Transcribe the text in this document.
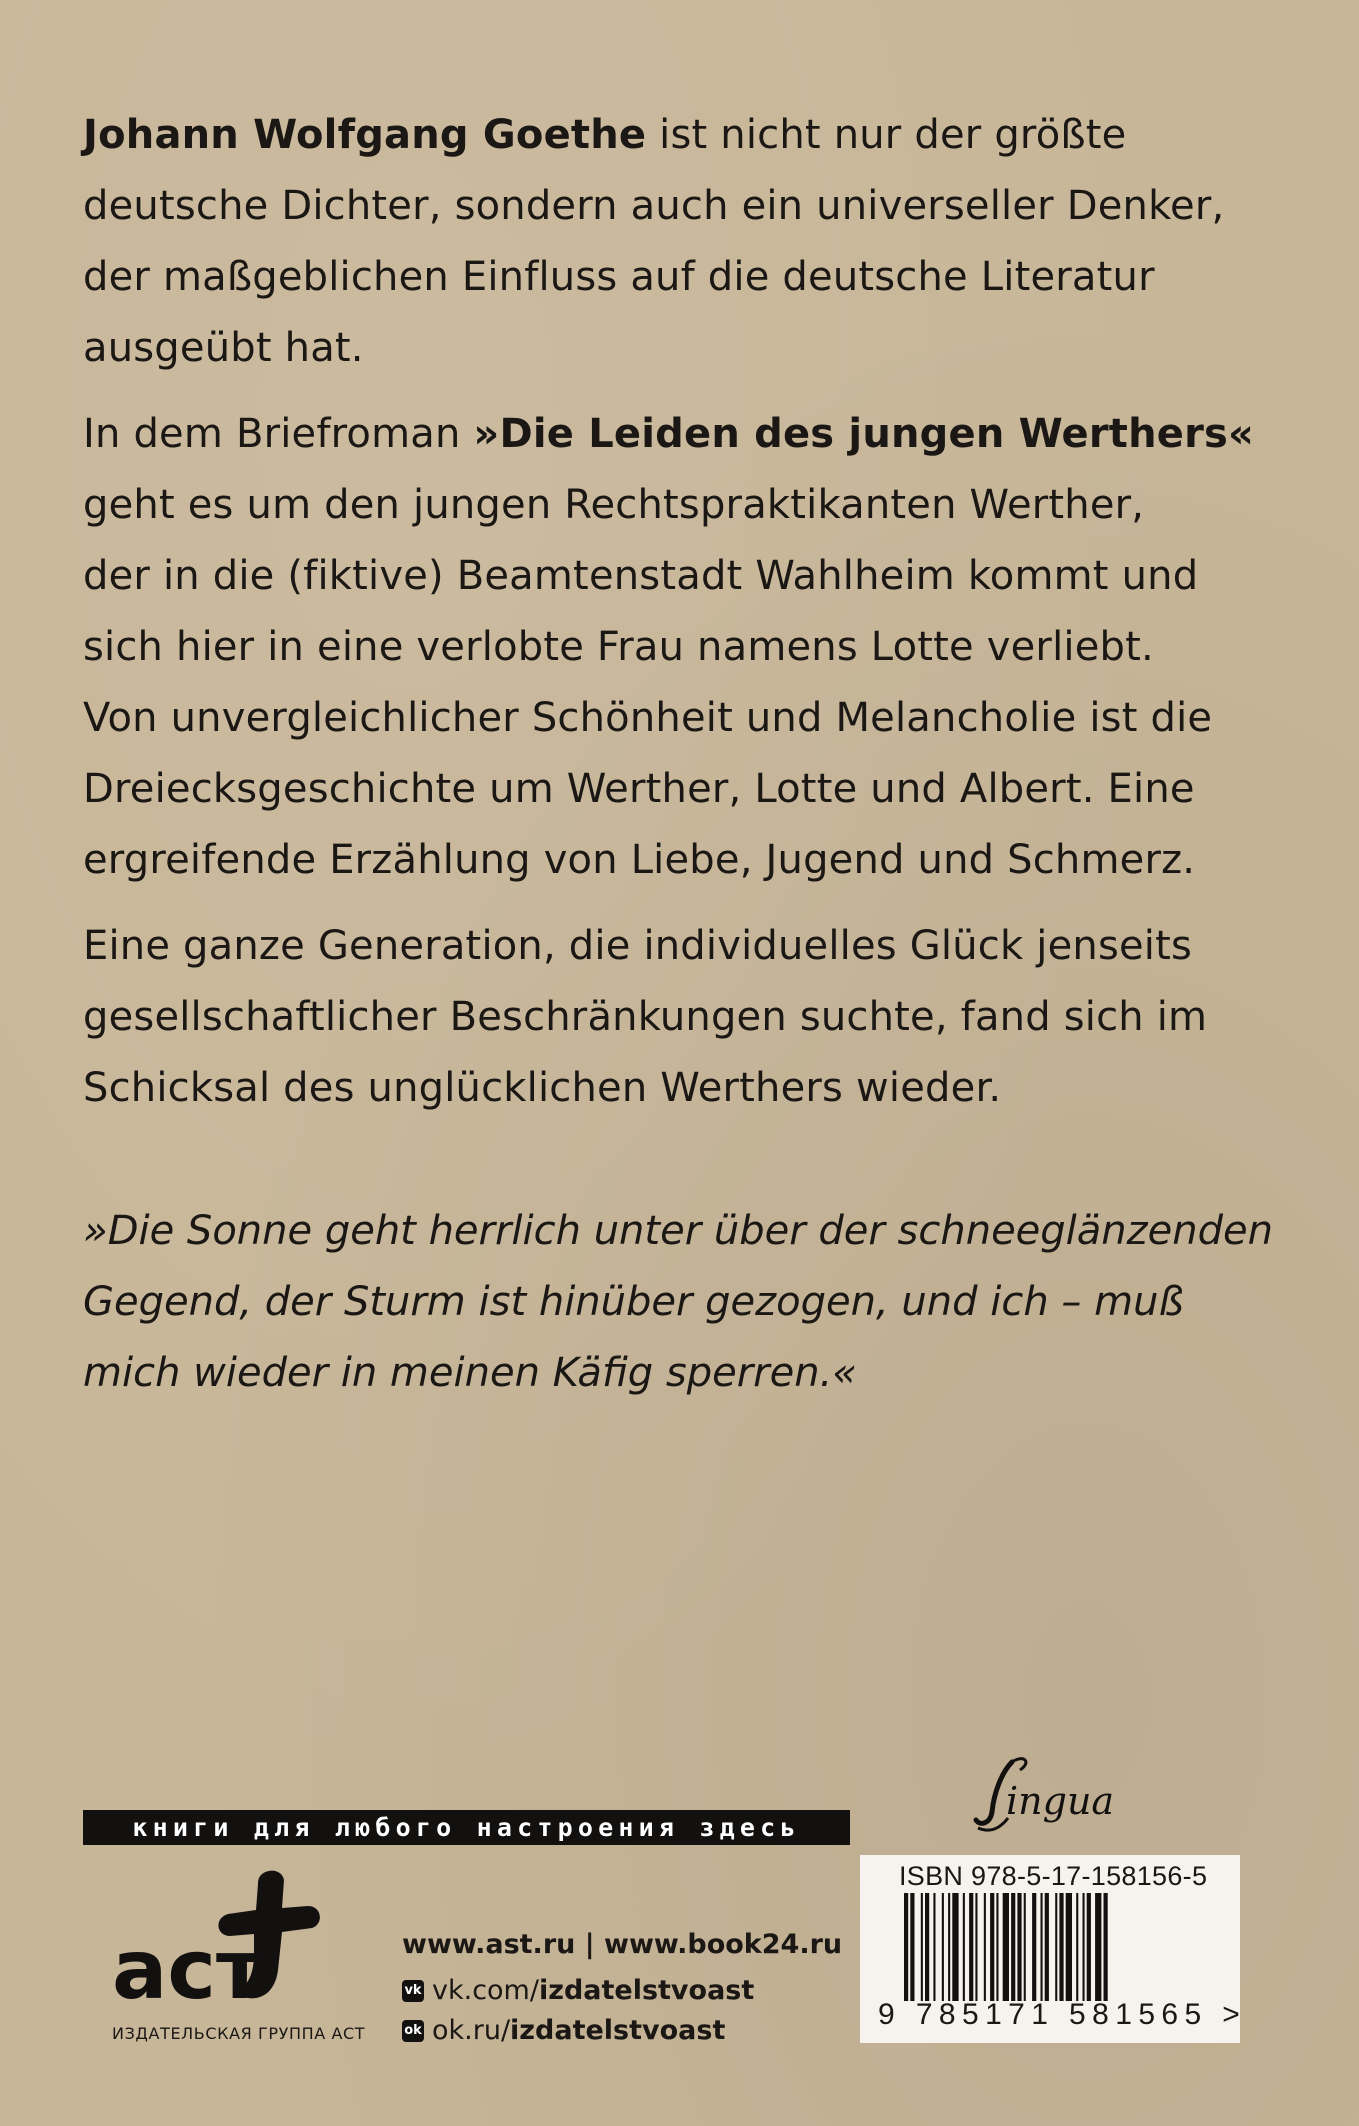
Johann Wolfgang Goethe ist nicht nur der größte
deutsche Dichter, sondern auch ein universeller Denker,
der maßgeblichen Einfluss auf die deutsche Literatur
ausgeübt hat.

In dem Briefroman »Die Leiden des jungen Werthers«
geht es um den jungen Rechtspraktikanten Werther,
der in die (fiktive) Beamtenstadt Wahlheim kommt und
sich hier in eine verlobte Frau namens Lotte verliebt.
Von unvergleichlicher Schönheit und Melancholie ist die
Dreiecksgeschichte um Werther, Lotte und Albert. Eine
ergreifende Erzählung von Liebe, Jugend und Schmerz.

Eine ganze Generation, die individuelles Glück jenseits
gesellschaftlicher Beschränkungen suchte, fand sich im
Schicksal des unglücklichen Werthers wieder.

»Die Sonne geht herrlich unter über der schneeglänzenden
Gegend, der Sturm ist hinüber gezogen, und ich – muß
mich wieder in meinen Käfig sperren.«
ingua
книги для любого настроения здесь
аст
ИЗДАТЕЛЬСКАЯ ГРУППА АСТ
www.ast.ru | www.book24.ru
vk vk.com/izdatelstvoast
ok ok.ru/izdatelstvoast
ISBN 978-5-17-158156-5
9 785171 581565 >
